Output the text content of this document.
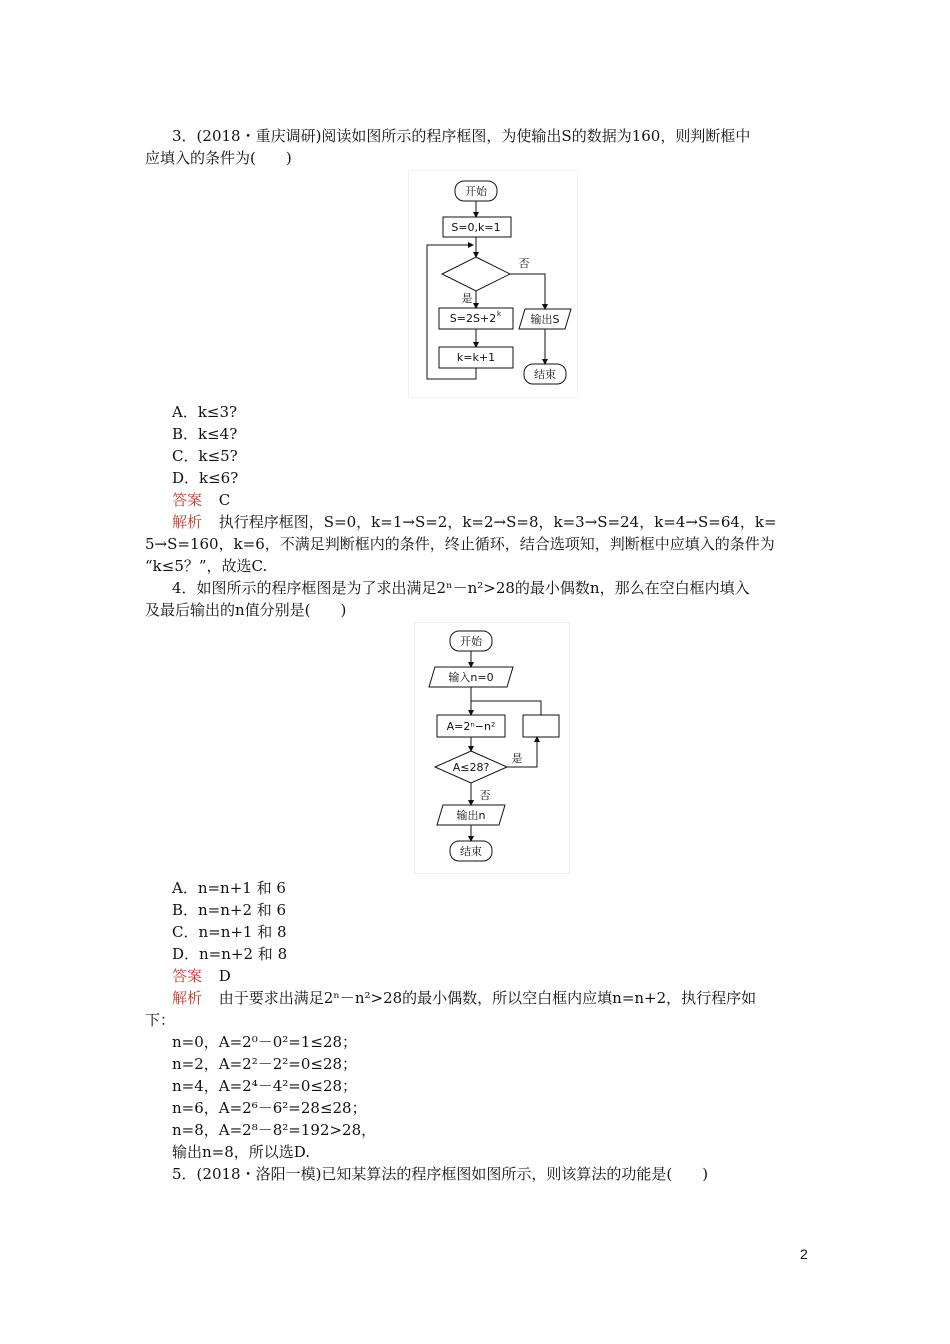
3．(2018・重庆调研)阅读如图所示的程序框图，为使输出S的数据为160，则判断框中
应填入的条件为(　　)
开始
S=0,k=1
否
是
S=2S+2 k
k=k+1
输出S
结束
A．k≤3?
B．k≤4?
C．k≤5?
D．k≤6?
答案 C
解析 执行程序框图，S=0，k=1→S=2，k=2→S=8，k=3→S=24，k=4→S=64，k=
5→S=160，k=6，不满足判断框内的条件，终止循环，结合选项知，判断框中应填入的条件为
“k≤5？”，故选C.
4．如图所示的程序框图是为了求出满足2ⁿ－n²>28的最小偶数n，那么在空白框内填入
及最后输出的n值分别是(　　)
开始
输入n=0
A=2ⁿ−n²
A≤28?
是
否
输出n
结束
A．n=n+1 和 6
B．n=n+2 和 6
C．n=n+1 和 8
D．n=n+2 和 8
答案 D
解析 由于要求出满足2ⁿ－n²>28的最小偶数，所以空白框内应填n=n+2，执行程序如
下：
n=0，A=2⁰－0²=1≤28；
n=2，A=2²－2²=0≤28；
n=4，A=2⁴－4²=0≤28；
n=6，A=2⁶－6²=28≤28；
n=8，A=2⁸－8²=192>28，
输出n=8，所以选D.
5．(2018・洛阳一模)已知某算法的程序框图如图所示，则该算法的功能是(　　)
2
